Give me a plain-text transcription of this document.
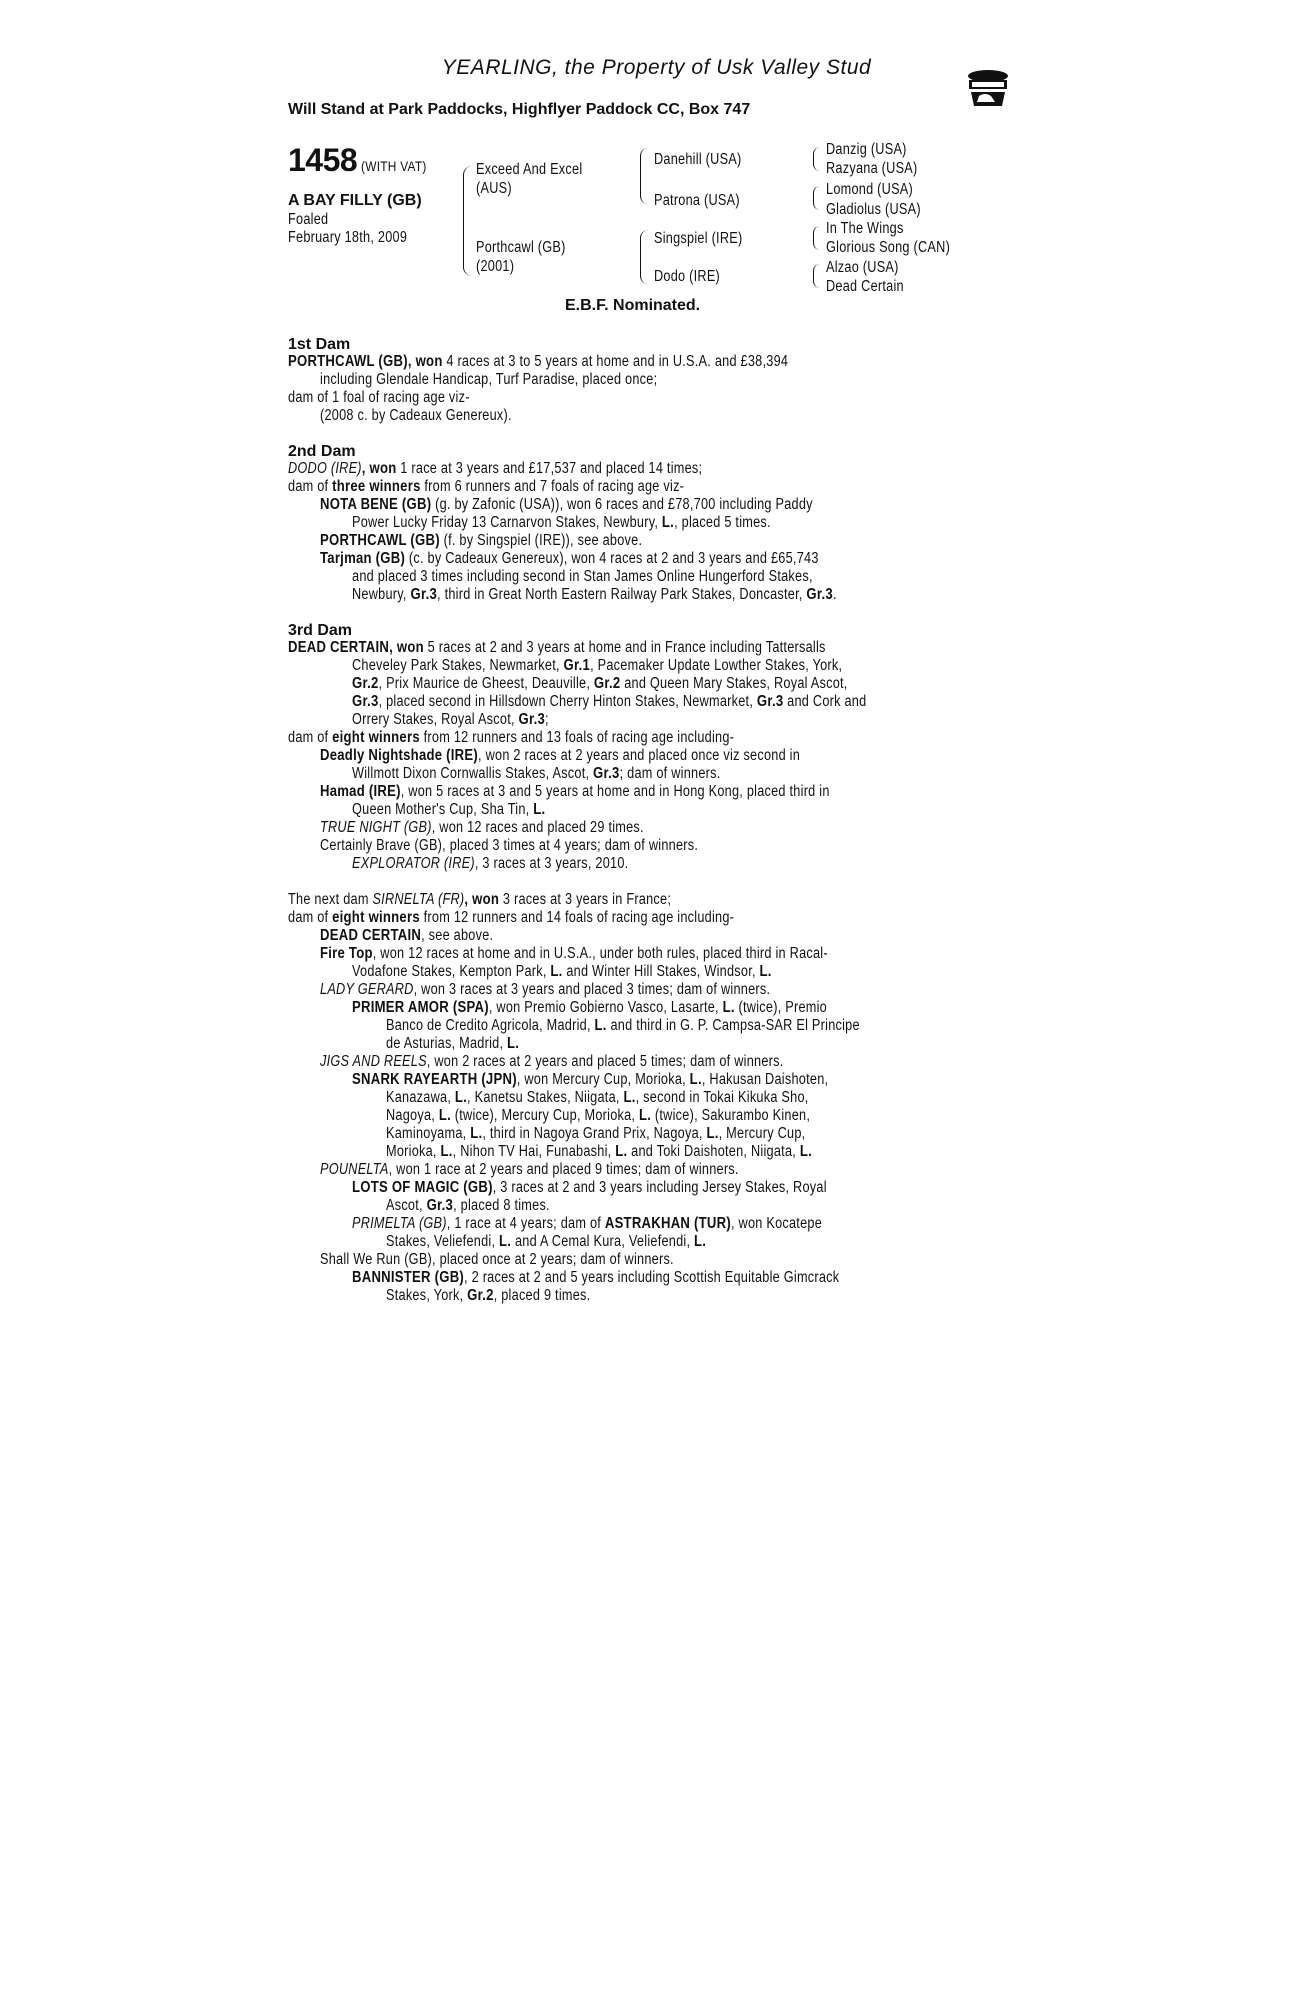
YEARLING, the Property of Usk Valley Stud
Will Stand at Park Paddocks, Highflyer Paddock CC, Box 747
1458 (WITH VAT)
A BAY FILLY (GB)
Foaled
February 18th, 2009
Exceed And Excel
(AUS)
Porthcawl (GB)
(2001)
Danehill (USA)
Patrona (USA)
Singspiel (IRE)
Dodo (IRE)
Danzig (USA)
Razyana (USA)
Lomond (USA)
Gladiolus (USA)
In The Wings
Glorious Song (CAN)
Alzao (USA)
Dead Certain
E.B.F. Nominated.
1st Dam
PORTHCAWL (GB), won 4 races at 3 to 5 years at home and in U.S.A. and £38,394
including Glendale Handicap, Turf Paradise, placed once;
dam of 1 foal of racing age viz-
(2008 c. by Cadeaux Genereux).
2nd Dam
DODO (IRE), won 1 race at 3 years and £17,537 and placed 14 times;
dam of three winners from 6 runners and 7 foals of racing age viz-
NOTA BENE (GB) (g. by Zafonic (USA)), won 6 races and £78,700 including Paddy
Power Lucky Friday 13 Carnarvon Stakes, Newbury, L., placed 5 times.
PORTHCAWL (GB) (f. by Singspiel (IRE)), see above.
Tarjman (GB) (c. by Cadeaux Genereux), won 4 races at 2 and 3 years and £65,743
and placed 3 times including second in Stan James Online Hungerford Stakes,
Newbury, Gr.3, third in Great North Eastern Railway Park Stakes, Doncaster, Gr.3.
3rd Dam
DEAD CERTAIN, won 5 races at 2 and 3 years at home and in France including Tattersalls
Cheveley Park Stakes, Newmarket, Gr.1, Pacemaker Update Lowther Stakes, York,
Gr.2, Prix Maurice de Gheest, Deauville, Gr.2 and Queen Mary Stakes, Royal Ascot,
Gr.3, placed second in Hillsdown Cherry Hinton Stakes, Newmarket, Gr.3 and Cork and
Orrery Stakes, Royal Ascot, Gr.3;
dam of eight winners from 12 runners and 13 foals of racing age including-
Deadly Nightshade (IRE), won 2 races at 2 years and placed once viz second in
Willmott Dixon Cornwallis Stakes, Ascot, Gr.3; dam of winners.
Hamad (IRE), won 5 races at 3 and 5 years at home and in Hong Kong, placed third in
Queen Mother's Cup, Sha Tin, L.
TRUE NIGHT (GB), won 12 races and placed 29 times.
Certainly Brave (GB), placed 3 times at 4 years; dam of winners.
EXPLORATOR (IRE), 3 races at 3 years, 2010.
The next dam SIRNELTA (FR), won 3 races at 3 years in France;
dam of eight winners from 12 runners and 14 foals of racing age including-
DEAD CERTAIN, see above.
Fire Top, won 12 races at home and in U.S.A., under both rules, placed third in Racal-
Vodafone Stakes, Kempton Park, L. and Winter Hill Stakes, Windsor, L.
LADY GERARD, won 3 races at 3 years and placed 3 times; dam of winners.
PRIMER AMOR (SPA), won Premio Gobierno Vasco, Lasarte, L. (twice), Premio
Banco de Credito Agricola, Madrid, L. and third in G. P. Campsa-SAR El Principe
de Asturias, Madrid, L.
JIGS AND REELS, won 2 races at 2 years and placed 5 times; dam of winners.
SNARK RAYEARTH (JPN), won Mercury Cup, Morioka, L., Hakusan Daishoten,
Kanazawa, L., Kanetsu Stakes, Niigata, L., second in Tokai Kikuka Sho,
Nagoya, L. (twice), Mercury Cup, Morioka, L. (twice), Sakurambo Kinen,
Kaminoyama, L., third in Nagoya Grand Prix, Nagoya, L., Mercury Cup,
Morioka, L., Nihon TV Hai, Funabashi, L. and Toki Daishoten, Niigata, L.
POUNELTA, won 1 race at 2 years and placed 9 times; dam of winners.
LOTS OF MAGIC (GB), 3 races at 2 and 3 years including Jersey Stakes, Royal
Ascot, Gr.3, placed 8 times.
PRIMELTA (GB), 1 race at 4 years; dam of ASTRAKHAN (TUR), won Kocatepe
Stakes, Veliefendi, L. and A Cemal Kura, Veliefendi, L.
Shall We Run (GB), placed once at 2 years; dam of winners.
BANNISTER (GB), 2 races at 2 and 5 years including Scottish Equitable Gimcrack
Stakes, York, Gr.2, placed 9 times.
